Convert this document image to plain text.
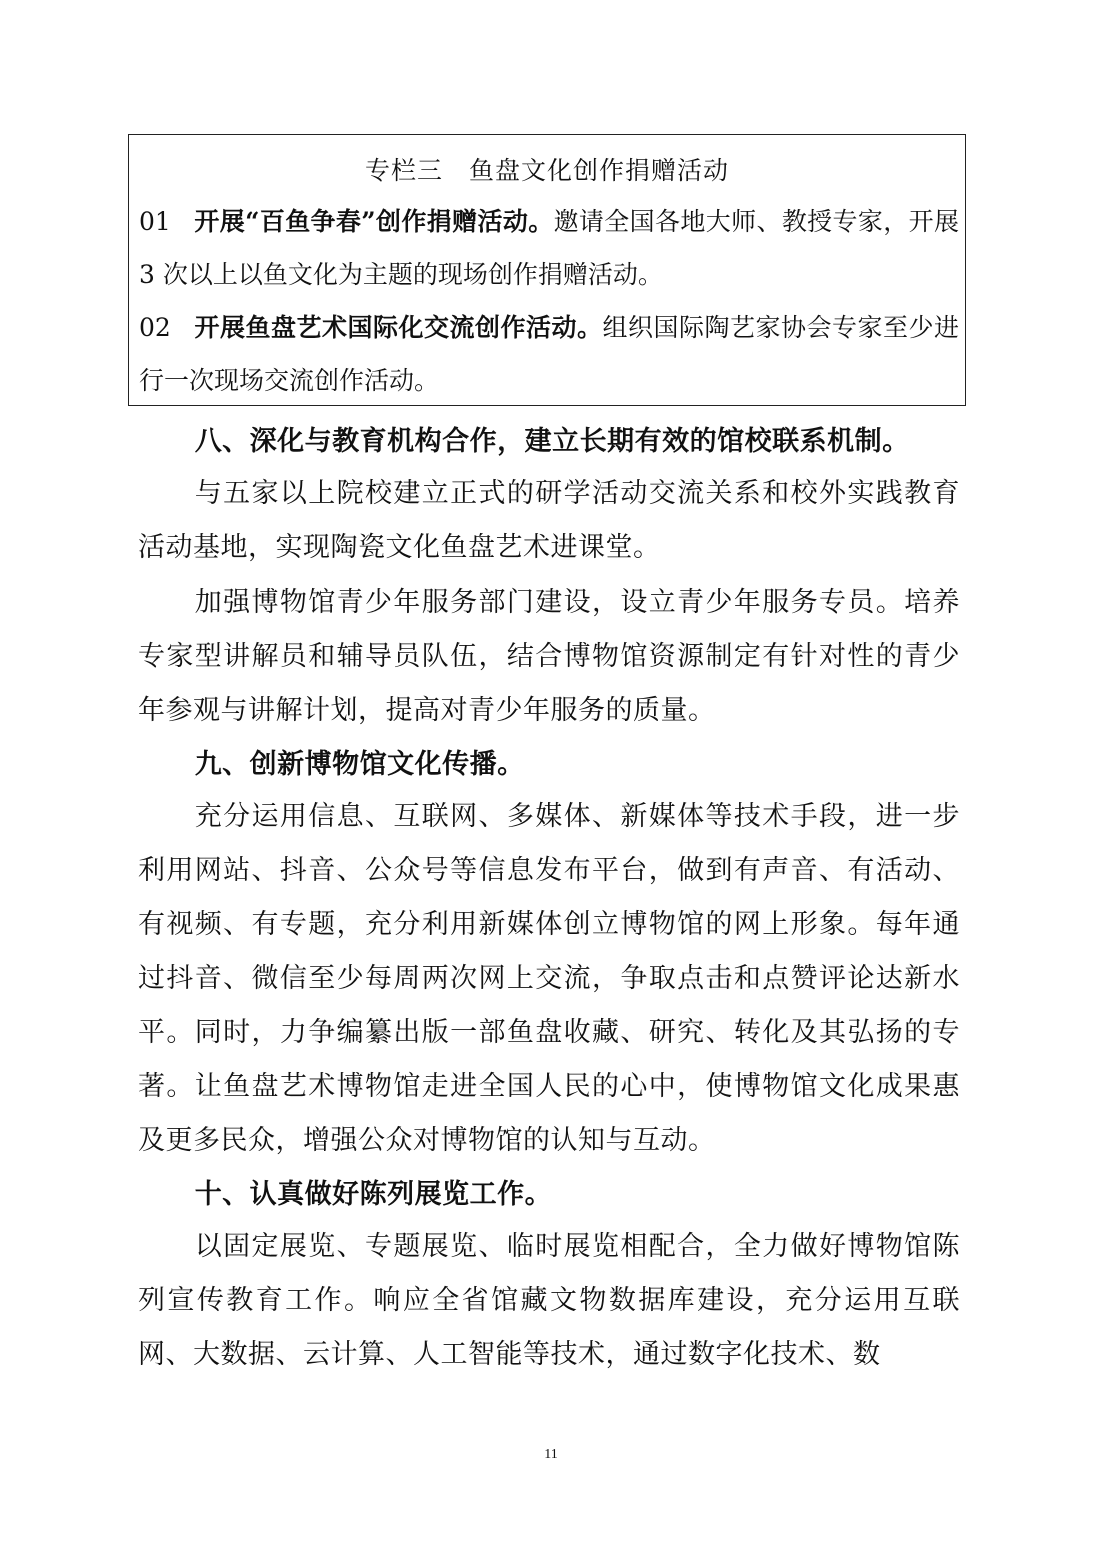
专栏三　鱼盘文化创作捐赠活动
01 开展“百鱼争春”创作捐赠活动。邀请全国各地大师、教授专家，开展 3 次以上以鱼文化为主题的现场创作捐赠活动。
02 开展鱼盘艺术国际化交流创作活动。组织国际陶艺家协会专家至少进行一次现场交流创作活动。
八、深化与教育机构合作，建立长期有效的馆校联系机制。
与五家以上院校建立正式的研学活动交流关系和校外实践教育活动基地，实现陶瓷文化鱼盘艺术进课堂。
加强博物馆青少年服务部门建设，设立青少年服务专员。培养专家型讲解员和辅导员队伍，结合博物馆资源制定有针对性的青少年参观与讲解计划，提高对青少年服务的质量。
九、创新博物馆文化传播。
充分运用信息、互联网、多媒体、新媒体等技术手段，进一步利用网站、抖音、公众号等信息发布平台，做到有声音、有活动、有视频、有专题，充分利用新媒体创立博物馆的网上形象。每年通过抖音、微信至少每周两次网上交流，争取点击和点赞评论达新水平。同时，力争编纂出版一部鱼盘收藏、研究、转化及其弘扬的专著。让鱼盘艺术博物馆走进全国人民的心中，使博物馆文化成果惠及更多民众，增强公众对博物馆的认知与互动。
十、认真做好陈列展览工作。
以固定展览、专题展览、临时展览相配合，全力做好博物馆陈列宣传教育工作。响应全省馆藏文物数据库建设，充分运用互联网、大数据、云计算、人工智能等技术，通过数字化技术、数
11
